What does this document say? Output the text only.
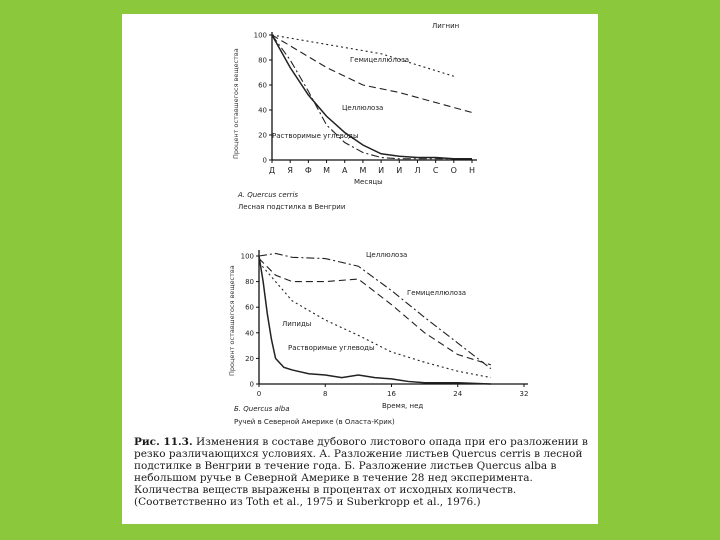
Процент оставшегося вещества
0
20
40
60
80
100
Д Я Ф М А М И И Л С О Н
Лигнин
Гемицеллюлоза
Целлюлоза
Растворимые углеводы
Месяцы
А. Quercus cerris
Лесная подстилка в Венгрии
Процент оставшегося вещества
0
20
40
60
80
100
0	8	16	24	32
Целлюлоза
Гемицеллюлоза
Липиды
Растворимые углеводы
Время, нед
Б. Quercus alba
Ручей в Северной Америке (в Оласта-Крик)

Рис. 11.3. Изменения в составе дубового листового опада при его разложении в резко различающихся условиях. А. Разложение листьев Quercus cerris в лесной подстилке в Венгрии в течение года. Б. Разложение листьев Quercus alba в небольшом ручье в Северной Америке в течение 28 нед эксперимента. Количества веществ выражены в процентах от исходных количеств. (Соответственно из Toth et al., 1975 и Suberkropp et al., 1976.)
